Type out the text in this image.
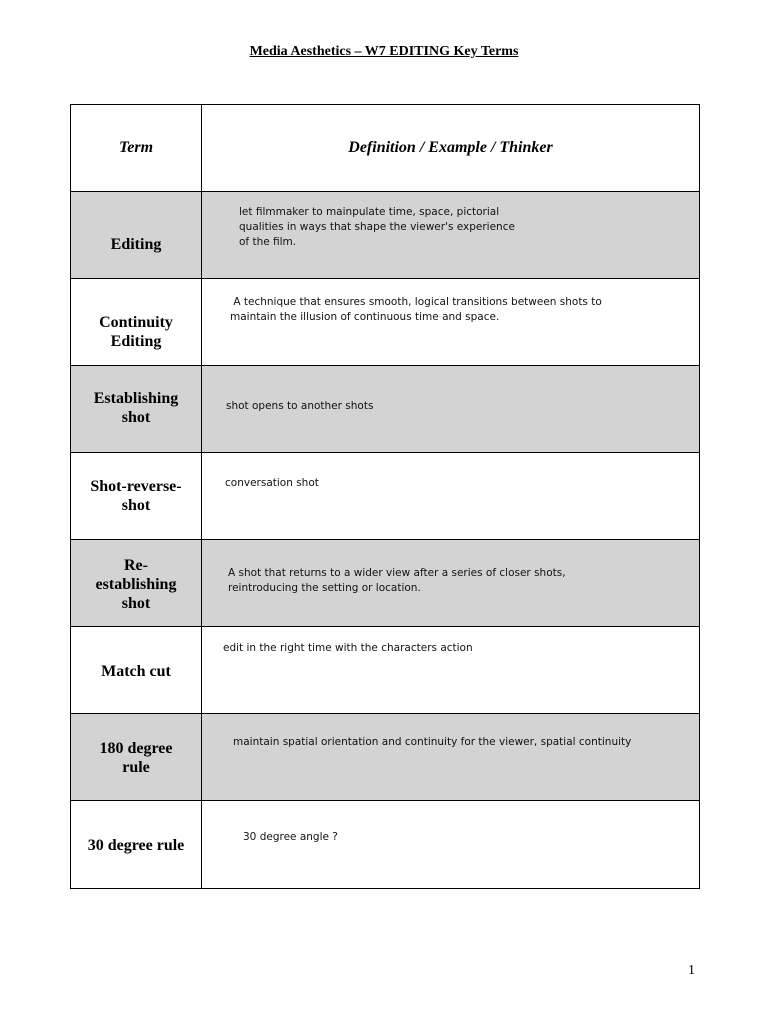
Media Aesthetics – W7 EDITING Key Terms
Term	Definition / Example / Thinker

Editing	let filmmaker to mainpulate time, space, pictorial
qualities in ways that shape the viewer's experience
of the film.

Continuity
Editing	A technique that ensures smooth, logical transitions between shots to
maintain the illusion of continuous time and space.

Establishing
shot	shot opens to another shots

Shot-reverse-
shot	conversation shot

Re-
establishing
shot	A shot that returns to a wider view after a series of closer shots,
reintroducing the setting or location.

Match cut	edit in the right time with the characters action

180 degree
rule	maintain spatial orientation and continuity for the viewer, spatial continuity

30 degree rule	30 degree angle ?
1
